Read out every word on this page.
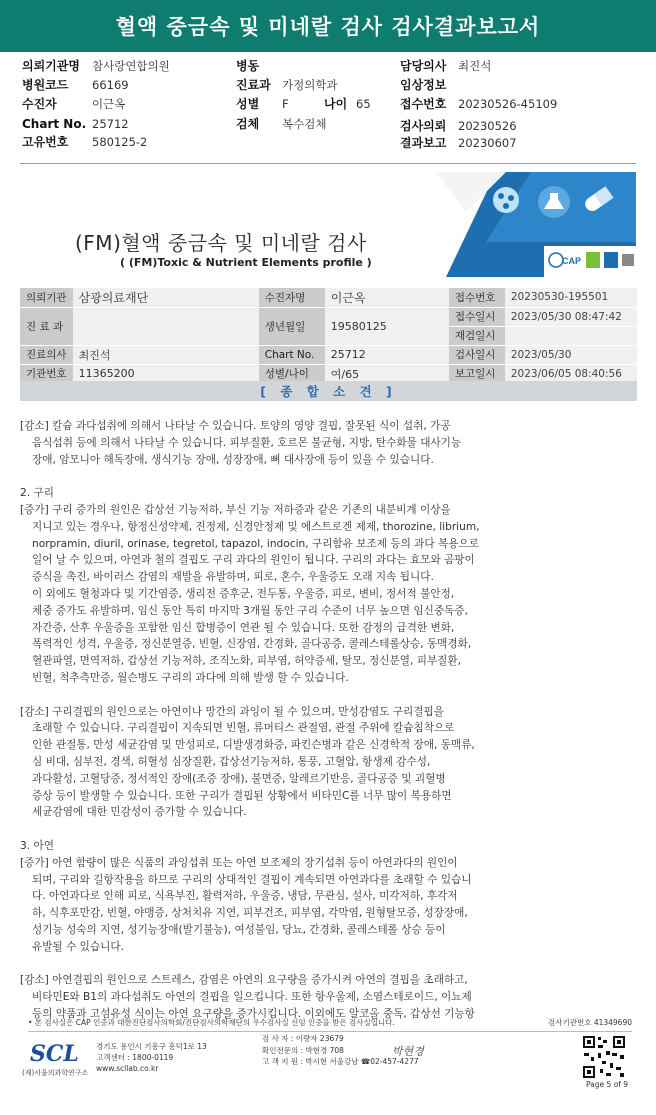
혈액 중금속 및 미네랄 검사 검사결과보고서
의뢰기관명	참사랑연합의원	병동	담당의사	최진석
병원코드	66169	진료과 가정의학과	임상정보
수진자	이근옥	성별	F	나이 65 접수번호	20230526-45109
Chart No. 25712	검체	복수검체	검사의뢰	20230526
고유번호	580125-2	결과보고	20230607
(FM)혈액 중금속 및 미네랄 검사
( (FM)Toxic & Nutrient Elements profile )	CAP
의뢰기관	삼광의료재단	수진자명	이근옥	접수번호	20230530-195501
진 료 과		생년월일	19580125	접수일시	2023/05/30 08:47:42
				재검일시	
진료의사	최진석	Chart No.	25712	검사일시	2023/05/30
기관번호	11365200	성별/나이	여/65	보고일시	2023/06/05 08:40:56
[ 종 합 소 견 ]
[감소] 칼슘 과다섭취에 의해서 나타날 수 있습니다. 토양의 영양 결핍, 잘못된 식이 섭취, 가공
음식섭취 등에 의해서 나타날 수 있습니다. 피부질환, 호르몬 불균형, 지방, 탄수화물 대사기능
장애, 암모니아 해독장애, 생식기능 장애, 성장장애, 뼈 대사장애 등이 있을 수 있습니다.
2. 구리
[증가] 구리 증가의 원인은 갑상선 기능저하, 부신 기능 저하증과 같은 기존의 내분비계 이상을
지니고 있는 경우나, 항정신성약제, 진정제, 신경안정제 및 에스트로겐 제제, thorozine, librium,
norpramin, diuril, orinase, tegretol, tapazol, indocin, 구리함유 보조제 등의 과다 복용으로
일어 날 수 있으며, 아연과 철의 결핍도 구리 과다의 원인이 됩니다. 구리의 과다는 효모와 곰팡이
증식을 촉진, 바이러스 감염의 재발을 유발하며, 피로, 혼수, 우울증도 오래 지속 됩니다.
이 외에도 혈청과다 및 기간염증, 생리전 증후군, 전두통, 우울증, 피로, 변비, 정서적 불안정,
체중 증가도 유발하며, 임신 동안 특히 마지막 3개월 동안 구리 수준이 너무 높으면 임신중독증,
자간증, 산후 우울증을 포함한 임신 합병증이 연관 될 수 있습니다. 또한 감정의 급격한 변화,
폭력적인 성격, 우울증, 정신분열증, 빈혈, 신장염, 간경화, 골다공증, 콜레스테롤상승, 동맥경화,
혈관파열, 면역저하, 갑상선 기능저하, 조직노화, 피부염, 허약증세, 탈모, 정신분열, 피부질환,
빈혈, 척추측만증, 월슨병도 구리의 과다에 의해 발생 할 수 있습니다.
[감소] 구리결핍의 원인으로는 아연이나 망간의 과잉이 될 수 있으며, 만성감염도 구리결핍을
초래할 수 있습니다. 구리결핍이 지속되면 빈혈, 류머티스 관절염, 관절 주위에 칼슘침착으로
인한 관절통, 만성 세균감염 및 만성피로, 디발생경화증, 파킨슨병과 같은 신경학적 장애, 동맥류,
심 비대, 심부전, 경색, 허혈성 심장질환, 갑상선기능저하, 통풍, 고혈압, 항생제 감수성,
과다활성, 고혈당증, 정서적인 장애(조증 장애), 불면증, 알레르기반응, 골다공증 및 괴혈병
증상 등이 발생할 수 있습니다. 또한 구리가 결핍된 상황에서 비타민C를 너무 많이 복용하면
세균감염에 대한 민감성이 증가할 수 있습니다.
3. 아연
[증가] 아연 함량이 많은 식품의 과잉섭취 또는 아연 보조제의 장기섭취 등이 아연과다의 원인이
되며, 구리와 길항작용을 하므로 구리의 상대적인 결핍이 계속되면 아연과다를 초래할 수 있습니
다. 아연과다로 인해 피로, 식욕부진, 활력저하, 우울증, 냉담, 무관심, 설사, 미각저하, 후각저
하, 식후포만감, 빈혈, 야맹증, 상처치유 지연, 피부건조, 피부염, 각막염, 원형탈모증, 성장장애,
성기능 성숙의 지연, 성기능장애(발기불능), 여성불임, 당뇨, 간경화, 콜레스테롤 상승 등이
유발될 수 있습니다.
[감소] 아연결핍의 원인으로 스트레스, 감염은 아연의 요구량을 증가시켜 아연의 결핍을 초래하고,
비타민E와 B1의 과다섭취도 아연의 결핍을 일으킵니다. 또한 항우울제, 소염스테로이드, 이뇨제
등의 약품과 고섬유성 식이는 아연 요구량을 증가시킵니다. 이외에도 알코올 중독, 갑상선 기능항
• 본 검사실은 CAP 인증과 대한진단검사의학회/진단검사의학재단의 우수검사실 신임 인증을 받은 검사실입니다.	검사기관번호 41349690
SCL
(재)서울의과학연구소
경기도 용인시 기흥구 흥덕1로 13
고객센터 : 1800-0119
www.scllab.co.kr
검 사 자 : 이량자 23679
확인전문의 : 박현경 708
고 객 지 원 : 박시현 서울강남 ☎02-457-4277
박현경
Page 5 of 9
